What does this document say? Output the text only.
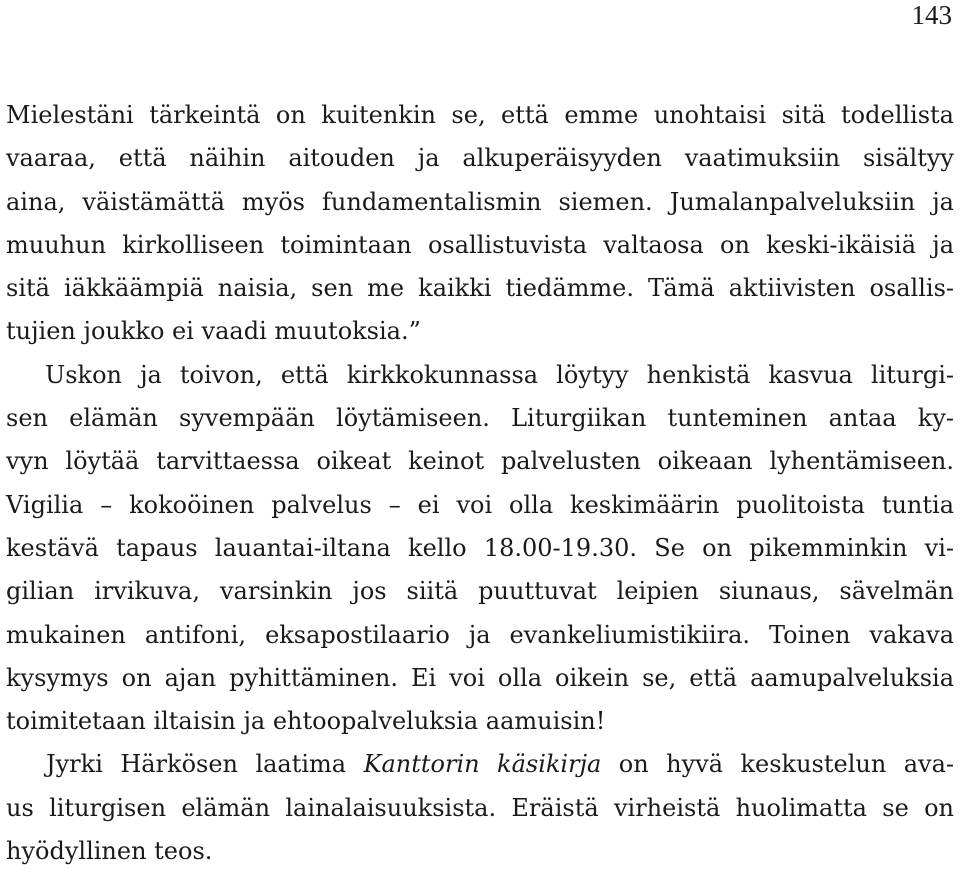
143
Mielestäni tärkeintä on kuitenkin se, että emme unohtaisi sitä todellista
vaaraa, että näihin aitouden ja alkuperäisyyden vaatimuksiin sisältyy
aina, väistämättä myös fundamentalismin siemen. Jumalanpalveluksiin ja
muuhun kirkolliseen toimintaan osallistuvista valtaosa on keski-ikäisiä ja
sitä iäkkäämpiä naisia, sen me kaikki tiedämme. Tämä aktiivisten osallis-
tujien joukko ei vaadi muutoksia.”
Uskon ja toivon, että kirkkokunnassa löytyy henkistä kasvua liturgi-
sen elämän syvempään löytämiseen. Liturgiikan tunteminen antaa ky-
vyn löytää tarvittaessa oikeat keinot palvelusten oikeaan lyhentämiseen.
Vigilia – kokoöinen palvelus – ei voi olla keskimäärin puolitoista tuntia
kestävä tapaus lauantai-iltana kello 18.00-19.30. Se on pikemminkin vi-
gilian irvikuva, varsinkin jos siitä puuttuvat leipien siunaus, sävelmän
mukainen antifoni, eksapostilaario ja evankeliumistikiira. Toinen vakava
kysymys on ajan pyhittäminen. Ei voi olla oikein se, että aamupalveluksia
toimitetaan iltaisin ja ehtoopalveluksia aamuisin!
Jyrki Härkösen laatima Kanttorin käsikirja on hyvä keskustelun ava-
us liturgisen elämän lainalaisuuksista. Eräistä virheistä huolimatta se on
hyödyllinen teos.
